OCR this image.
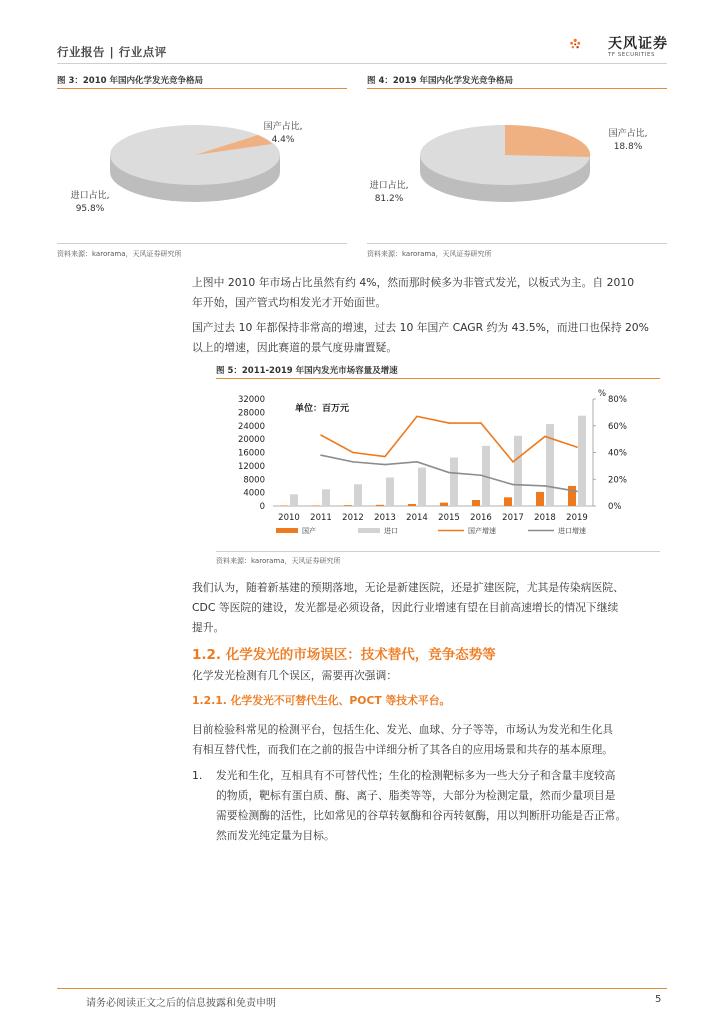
行业报告 | 行业点评	天风证券
TF SECURITIES
图 3：2010 年国内化学发光竞争格局
国产占比,
4.4%
进口占比,
95.8%
资料来源：karorama，天风证券研究所
图 4：2019 年国内化学发光竞争格局
国产占比,
18.8%
进口占比,
81.2%
资料来源：karorama，天风证券研究所
上图中 2010 年市场占比虽然有约 4%，然而那时候多为非管式发光，以板式为主。自 2010
年开始，国产管式均相发光才开始面世。
国产过去 10 年都保持非常高的增速，过去 10 年国产 CAGR 约为 43.5%，而进口也保持 20%
以上的增速，因此赛道的景气度毋庸置疑。
图 5：2011-2019 年国内发光市场容量及增速
0
4000
8000
12000
16000
20000
24000
28000
32000
0%
20%
40%
60%
80%
%
单位：百万元
2010 2011 2012 2013 2014 2015 2016 2017 2018 2019
国产	进口	国产增速	进口增速
资料来源：karorama，天风证券研究所
我们认为，随着新基建的预期落地，无论是新建医院，还是扩建医院，尤其是传染病医院、
CDC 等医院的建设，发光都是必须设备，因此行业增速有望在目前高速增长的情况下继续
提升。
1.2. 化学发光的市场误区：技术替代，竞争态势等
化学发光检测有几个误区，需要再次强调：
1.2.1. 化学发光不可替代生化、POCT 等技术平台。
目前检验科常见的检测平台，包括生化、发光、血球、分子等等，市场认为发光和生化具
有相互替代性，而我们在之前的报告中详细分析了其各自的应用场景和共存的基本原理。
1. 发光和生化，互相具有不可替代性；生化的检测靶标多为一些大分子和含量丰度较高
的物质，靶标有蛋白质、酶、离子、脂类等等，大部分为检测定量，然而少量项目是
需要检测酶的活性，比如常见的谷草转氨酶和谷丙转氨酶，用以判断肝功能是否正常。
然而发光纯定量为目标。
请务必阅读正文之后的信息披露和免责申明	5
